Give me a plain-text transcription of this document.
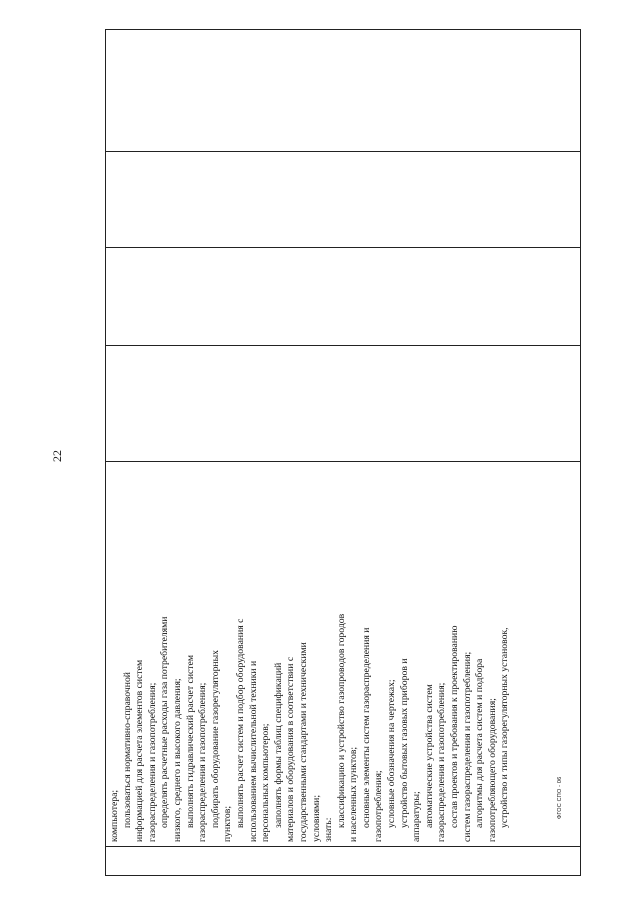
22

компьютера; пользоваться нормативно-справочной информацией для расчета элементов систем газораспределения и газопотребления; определять расчетные расходы газа потребителями низкого, среднего и высокого давления; выполнять гидравлический расчет систем газораспределения и газопотребления; подбирать оборудование газорегуляторных пунктов; выполнять расчет систем и подбор оборудования с использованием вычислительной техники и персональных компьютеров; заполнять формы таблиц спецификаций материалов и оборудования в соответствии с государственными стандартами и техническими условиями; знать:
классификацию и устройство газопроводов городов и населенных пунктов; основные элементы систем газораспределения и газопотребления; условные обозначения на чертежах; устройство бытовых газовых приборов и аппаратуры; автоматические устройства систем газораспределения и газопотребления; состав проектов и требования к проектированию систем газораспределения и газопотребления; алгоритмы для расчета систем и подбора газопотребляющего оборудования; устройство и типы газорегуляторных установок,
					ФГОС СПО - 06
